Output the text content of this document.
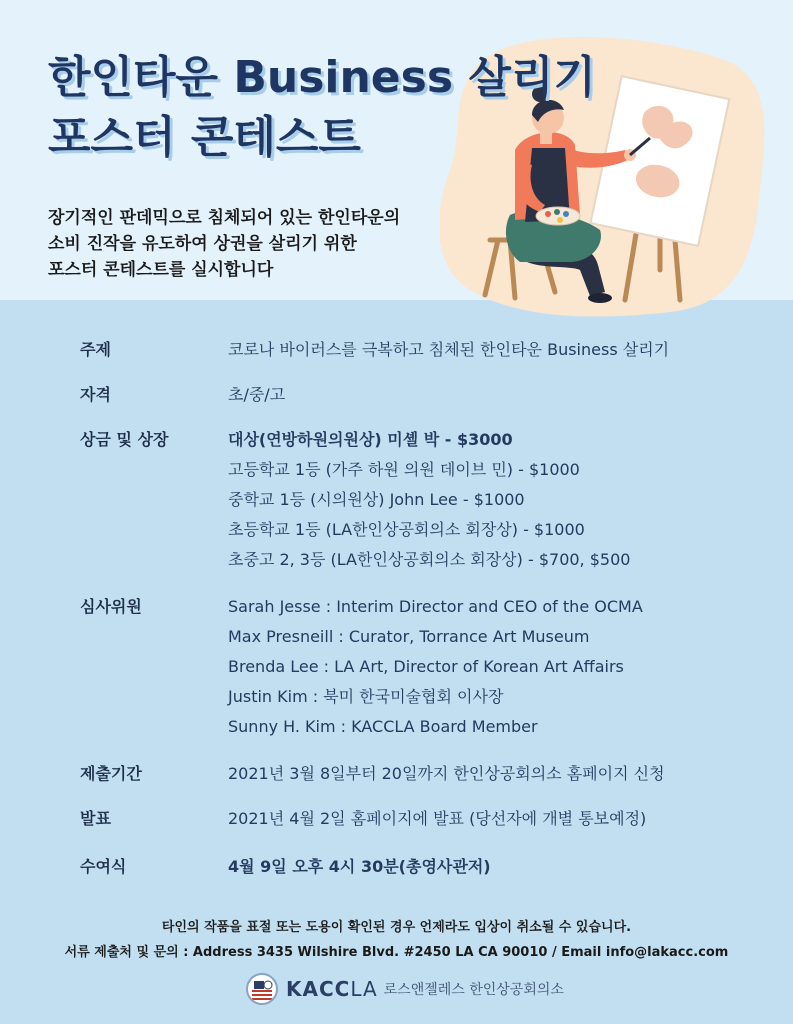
한인타운 Business 살리기
포스터 콘테스트
장기적인 판데믹으로 침체되어 있는 한인타운의
소비 진작을 유도하여 상권을 살리기 위한
포스터 콘테스트를 실시합니다
주제	코로나 바이러스를 극복하고 침체된 한인타운 Business 살리기
자격	초/중/고
상금 및 상장	대상(연방하원의원상) 미셸 박 - $3000
고등학교 1등 (가주 하원 의원 데이브 민) - $1000
중학교 1등 (시의원상) John Lee - $1000
초등학교 1등 (LA한인상공회의소 회장상) - $1000
초중고 2, 3등 (LA한인상공회의소 회장상) - $700, $500
심사위원	Sarah Jesse : Interim Director and CEO of the OCMA
Max Presneill : Curator, Torrance Art Museum
Brenda Lee : LA Art, Director of Korean Art Affairs
Justin Kim : 북미 한국미술협회 이사장
Sunny H. Kim : KACCLA Board Member
제출기간	2021년 3월 8일부터 20일까지 한인상공회의소 홈페이지 신청
발표	2021년 4월 2일 홈페이지에 발표 (당선자에 개별 통보예정)
수여식	4월 9일 오후 4시 30분(총영사관저)
타인의 작품을 표절 또는 도용이 확인된 경우 언제라도 입상이 취소될 수 있습니다.
서류 제출처 및 문의 : Address 3435 Wilshire Blvd. #2450 LA CA 90010 / Email info@lakacc.com
KACCLA 로스앤젤레스 한인상공회의소
